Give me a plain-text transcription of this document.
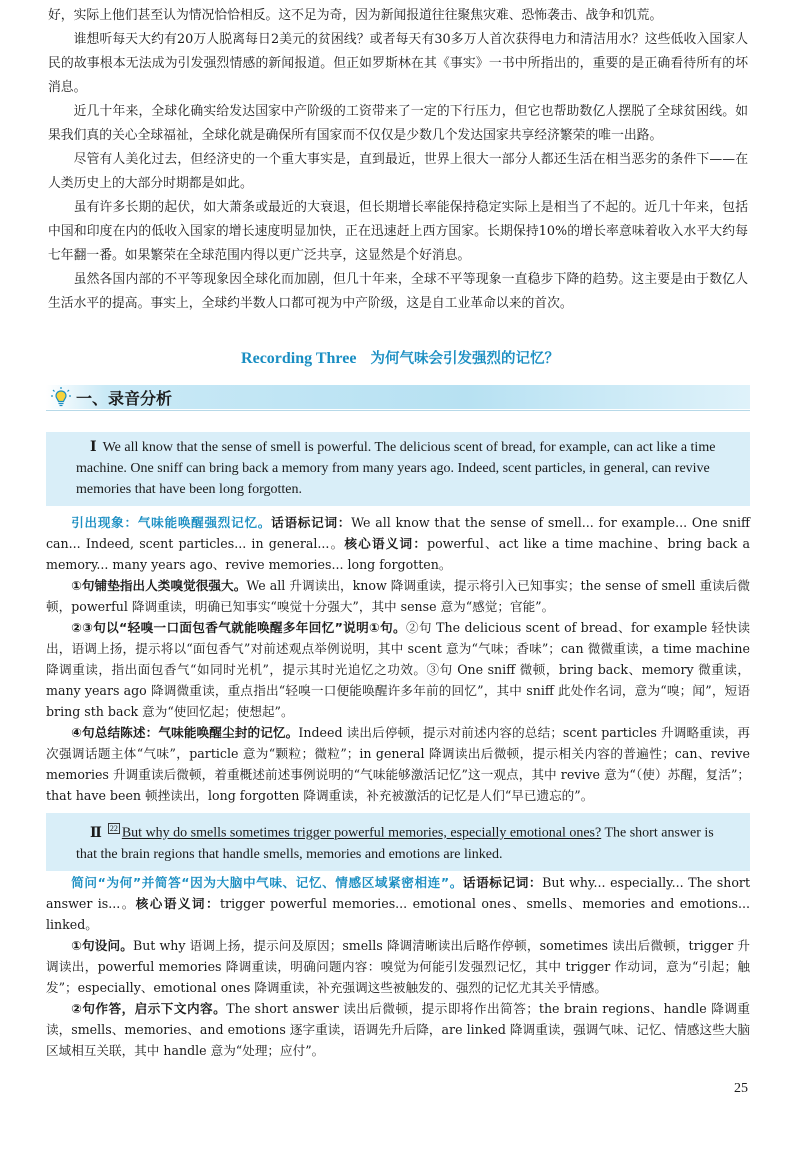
好，实际上他们甚至认为情况恰恰相反。这不足为奇，因为新闻报道往往聚焦灾难、恐怖袭击、战争和饥荒。

谁想听每天大约有20万人脱离每日2美元的贫困线？或者每天有30多万人首次获得电力和清洁用水？这些低收入国家人民的故事根本无法成为引发强烈情感的新闻报道。但正如罗斯林在其《事实》一书中所指出的，重要的是正确看待所有的坏消息。

近几十年来，全球化确实给发达国家中产阶级的工资带来了一定的下行压力，但它也帮助数亿人摆脱了全球贫困线。如果我们真的关心全球福祉，全球化就是确保所有国家而不仅仅是少数几个发达国家共享经济繁荣的唯一出路。

尽管有人美化过去，但经济史的一个重大事实是，直到最近，世界上很大一部分人都还生活在相当恶劣的条件下——在人类历史上的大部分时期都是如此。

虽有许多长期的起伏，如大萧条或最近的大衰退，但长期增长率能保持稳定实际上是相当了不起的。近几十年来，包括中国和印度在内的低收入国家的增长速度明显加快，正在迅速赶上西方国家。长期保持10%的增长率意味着收入水平大约每七年翻一番。如果繁荣在全球范围内得以更广泛共享，这显然是个好消息。

虽然各国内部的不平等现象因全球化而加剧，但几十年来，全球不平等现象一直稳步下降的趋势。这主要是由于数亿人生活水平的提高。事实上，全球约半数人口都可视为中产阶级，这是自工业革命以来的首次。

Recording Three 为何气味会引发强烈的记忆？
一、录音分析

Ⅰ We all know that the sense of smell is powerful. The delicious scent of bread, for example, can act like a time machine. One sniff can bring back a memory from many years ago. Indeed, scent particles, in general, can revive memories that have been long forgotten.

引出现象：气味能唤醒强烈记忆。话语标记词：We all know that the sense of smell... for example... One sniff can... Indeed, scent particles... in general...。核心语义词：powerful、act like a time machine、bring back a memory... many years ago、revive memories... long forgotten。

①句铺垫指出人类嗅觉很强大。We all 升调读出，know 降调重读，提示将引入已知事实；the sense of smell 重读后微顿，powerful 降调重读，明确已知事实“嗅觉十分强大”，其中 sense 意为“感觉；官能”。

②③句以“轻嗅一口面包香气就能唤醒多年回忆”说明①句。②句 The delicious scent of bread、for example 轻快读出，语调上扬，提示将以“面包香气”对前述观点举例说明，其中 scent 意为“气味；香味”；can 微微重读，a time machine 降调重读，指出面包香气“如同时光机”，提示其时光追忆之功效。③句 One sniff 微顿，bring back、memory 微重读，many years ago 降调微重读，重点指出“轻嗅一口便能唤醒许多年前的回忆”，其中 sniff 此处作名词，意为“嗅；闻”，短语 bring sth back 意为“使回忆起；使想起”。

④句总结陈述：气味能唤醒尘封的记忆。Indeed 读出后停顿，提示对前述内容的总结；scent particles 升调略重读，再次强调话题主体“气味”，particle 意为“颗粒；微粒”；in general 降调读出后微顿，提示相关内容的普遍性；can、revive memories 升调重读后微顿，着重概述前述事例说明的“气味能够激活记忆”这一观点，其中 revive 意为“（使）苏醒，复活”；that have been 顿挫读出，long forgotten 降调重读，补充被激活的记忆是人们“早已遗忘的”。

Ⅱ $^{22}$ But why do smells sometimes trigger powerful memories, especially emotional ones? The short answer is that the brain regions that handle smells, memories and emotions are linked.

简问“为何”并简答“因为大脑中气味、记忆、情感区域紧密相连”。话语标记词：But why... especially... The short answer is...。核心语义词：trigger powerful memories... emotional ones、smells、memories and emotions... linked。

①句设问。But why 语调上扬，提示问及原因；smells 降调清晰读出后略作停顿，sometimes 读出后微顿，trigger 升调读出，powerful memories 降调重读，明确问题内容：嗅觉为何能引发强烈记忆，其中 trigger 作动词，意为“引起；触发”；especially、emotional ones 降调重读，补充强调这些被触发的、强烈的记忆尤其关乎情感。

②句作答，启示下文内容。The short answer 读出后微顿，提示即将作出简答；the brain regions、handle 降调重读，smells、memories、and emotions 逐字重读，语调先升后降，are linked 降调重读，强调气味、记忆、情感这些大脑区域相互关联，其中 handle 意为“处理；应付”。

25
